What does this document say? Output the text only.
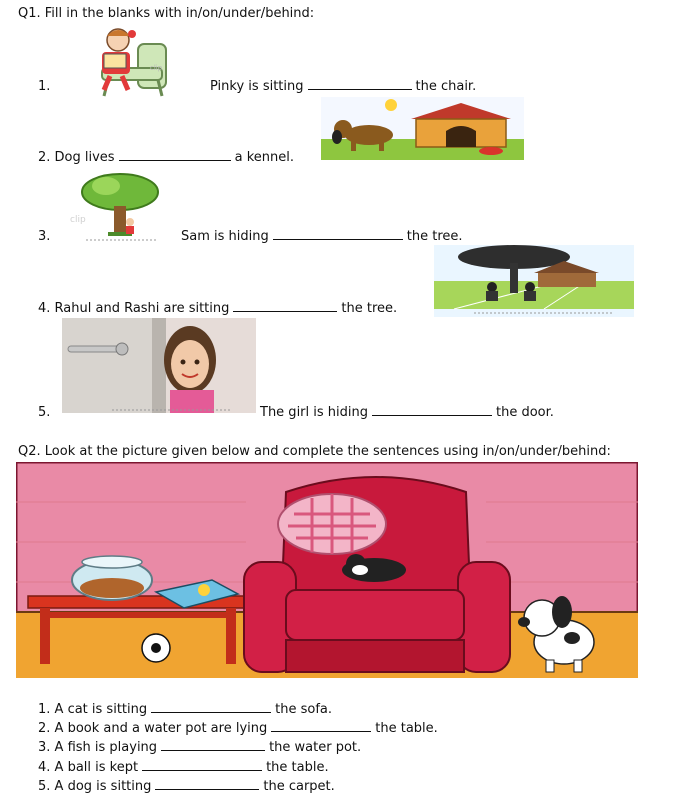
Q1. Fill in the blanks with in/on/under/behind:
1.	Pinky is sitting	the chair.
2. Dog lives	a kennel.
3.	Sam is hiding	the tree.
4. Rahul and Rashi are sitting	the tree.
5.	The girl is hiding	the door.
clip
clip
Q2. Look at the picture given below and complete the sentences using in/on/under/behind:
1. A cat is sitting	the sofa.
2. A book and a water pot are lying	the table.
3. A fish is playing	the water pot.
4. A ball is kept	the table.
5. A dog is sitting	the carpet.
